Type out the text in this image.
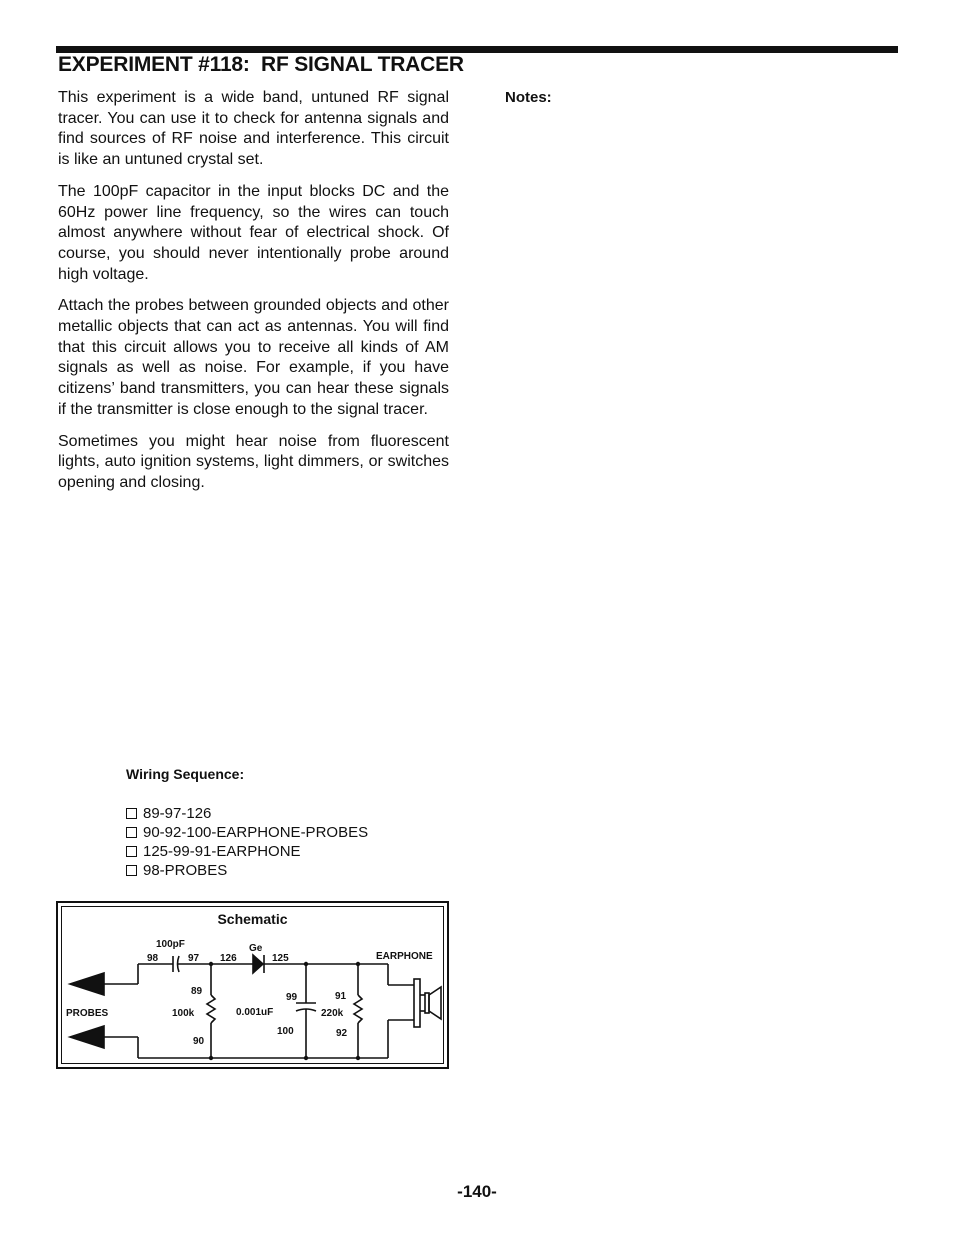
EXPERIMENT #118:  RF SIGNAL TRACER

This experiment is a wide band, untuned RF signal tracer. You can use it to check for antenna signals and find sources of RF noise and interference. This circuit is like an untuned crystal set.

The 100pF capacitor in the input blocks DC and the 60Hz power line frequency, so the wires can touch almost anywhere without fear of electrical shock. Of course, you should never intentionally probe around high voltage.

Attach the probes between grounded objects and other metallic objects that can act as antennas. You will find that this circuit allows you to receive all kinds of AM signals as well as noise. For example, if you have citizens’ band transmitters, you can hear these signals if the transmitter is close enough to the signal tracer.

Sometimes you might hear noise from fluorescent lights, auto ignition systems, light dimmers, or switches opening and closing.

Notes:

Wiring Sequence:

89-97-126
90-92-100-EARPHONE-PROBES
125-99-91-EARPHONE
98-PROBES

Schematic

100pF
98	97 126
Ge
125	EARPHONE
89
100k
90
PROBES
99
0.001uF
100
91
220k
92

-140-
